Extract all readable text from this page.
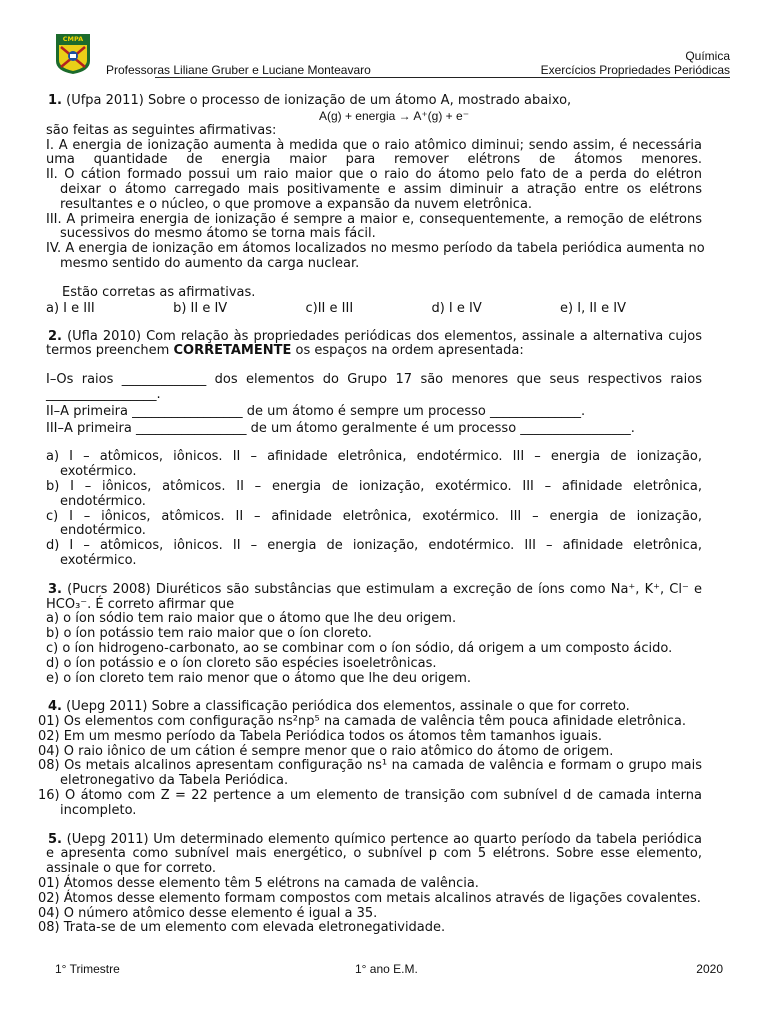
CMPA
Professoras Liliane Gruber e Luciane Monteavaro
Química
Exercícios Propriedades Periódicas
1. (Ufpa 2011) Sobre o processo de ionização de um átomo A, mostrado abaixo,
A(g) + energia → A⁺(g) + e⁻
são feitas as seguintes afirmativas:
I. A energia de ionização aumenta à medida que o raio atômico diminui; sendo assim, é necessária
uma quantidade de energia maior para remover elétrons de átomos menores.
II. O cátion formado possui um raio maior que o raio do átomo pelo fato de a perda do elétron
deixar o átomo carregado mais positivamente e assim diminuir a atração entre os elétrons
resultantes e o núcleo, o que promove a expansão da nuvem eletrônica.
III. A primeira energia de ionização é sempre a maior e, consequentemente, a remoção de elétrons
sucessivos do mesmo átomo se torna mais fácil.
IV. A energia de ionização em átomos localizados no mesmo período da tabela periódica aumenta no
mesmo sentido do aumento da carga nuclear.
Estão corretas as afirmativas.
a) I e III	b) II e IV	c)II e III	d) I e IV	e) I, II e IV
2. (Ufla 2010) Com relação às propriedades periódicas dos elementos, assinale a alternativa cujos
termos preenchem CORRETAMENTE os espaços na ordem apresentada:
I–Os raios _____________ dos elementos do Grupo 17 são menores que seus respectivos raios
_________________.
II–A primeira _________________ de um átomo é sempre um processo ______________.
III–A primeira _________________ de um átomo geralmente é um processo _________________.
a) I – atômicos, iônicos. II – afinidade eletrônica, endotérmico. III – energia de ionização,
exotérmico.
b) I – iônicos, atômicos. II – energia de ionização, exotérmico. III – afinidade eletrônica,
endotérmico.
c) I – iônicos, atômicos. II – afinidade eletrônica, exotérmico. III – energia de ionização,
endotérmico.
d) I – atômicos, iônicos. II – energia de ionização, endotérmico. III – afinidade eletrônica,
exotérmico.
3. (Pucrs 2008) Diuréticos são substâncias que estimulam a excreção de íons como Na⁺, K⁺, Cl⁻ e
HCO₃⁻. É correto afirmar que
a) o íon sódio tem raio maior que o átomo que lhe deu origem.
b) o íon potássio tem raio maior que o íon cloreto.
c) o íon hidrogeno-carbonato, ao se combinar com o íon sódio, dá origem a um composto ácido.
d) o íon potássio e o íon cloreto são espécies isoeletrônicas.
e) o íon cloreto tem raio menor que o átomo que lhe deu origem.
4. (Uepg 2011) Sobre a classificação periódica dos elementos, assinale o que for correto.
01) Os elementos com configuração ns²np⁵ na camada de valência têm pouca afinidade eletrônica.
02) Em um mesmo período da Tabela Periódica todos os átomos têm tamanhos iguais.
04) O raio iônico de um cátion é sempre menor que o raio atômico do átomo de origem.
08) Os metais alcalinos apresentam configuração ns¹ na camada de valência e formam o grupo mais
eletronegativo da Tabela Periódica.
16) O átomo com Z = 22 pertence a um elemento de transição com subnível d de camada interna
incompleto.
5. (Uepg 2011) Um determinado elemento químico pertence ao quarto período da tabela periódica
e apresenta como subnível mais energético, o subnível p com 5 elétrons. Sobre esse elemento,
assinale o que for correto.
01) Átomos desse elemento têm 5 elétrons na camada de valência.
02) Átomos desse elemento formam compostos com metais alcalinos através de ligações covalentes.
04) O número atômico desse elemento é igual a 35.
08) Trata-se de um elemento com elevada eletronegatividade.
1° Trimestre	1° ano E.M.	2020
